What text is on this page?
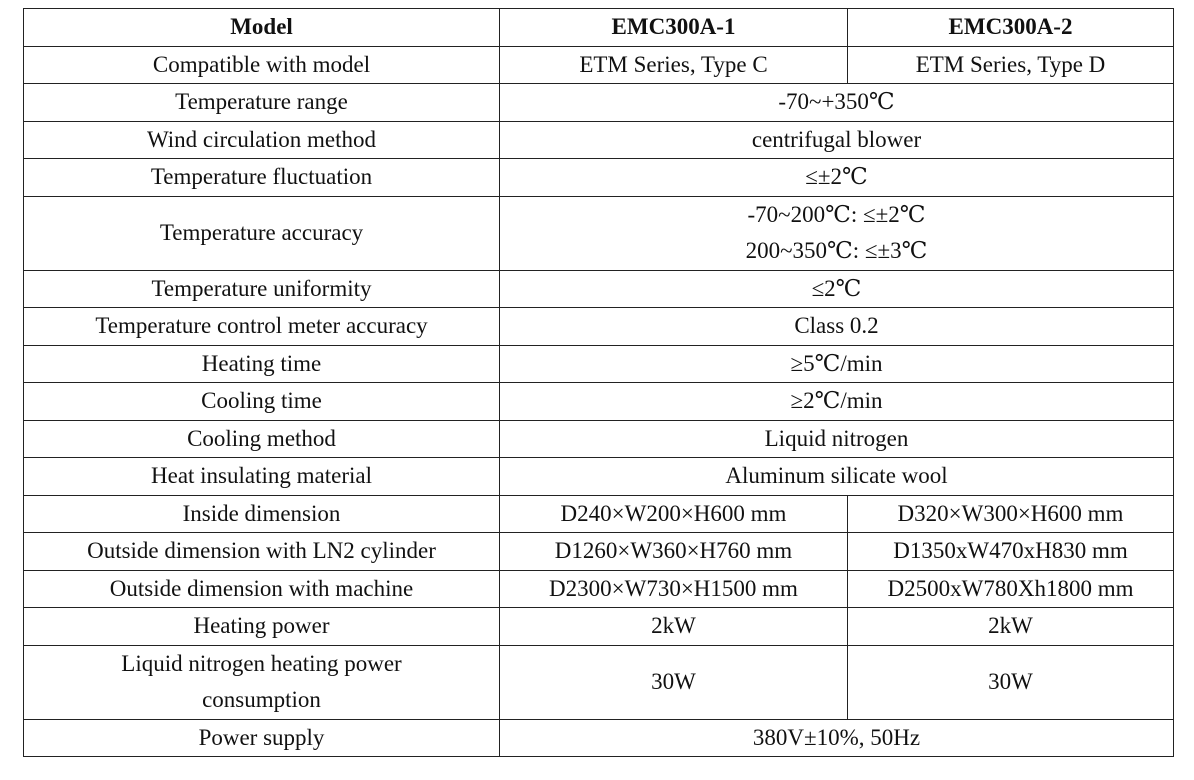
Model	EMC300A-1	EMC300A-2
Compatible with model	ETM Series, Type C	ETM Series, Type D
Temperature range	-70~+350℃	
Wind circulation method	centrifugal blower	
Temperature fluctuation	≤±2℃	
Temperature accuracy	-70~200℃: ≤±2℃
200~350℃: ≤±3℃	

Temperature uniformity	≤2℃	
Temperature control meter accuracy	Class 0.2	
Heating time	≥5℃/min	
Cooling time	≥2℃/min	
Cooling method	Liquid nitrogen	
Heat insulating material	Aluminum silicate wool	
Inside dimension	D240×W200×H600 mm	D320×W300×H600 mm
Outside dimension with LN2 cylinder	D1260×W360×H760 mm	D1350xW470xH830 mm
Outside dimension with machine	D2300×W730×H1500 mm	D2500xW780Xh1800 mm
Heating power	2kW	2kW
Liquid nitrogen heating power consumption	30W	30W
Power supply	380V±10%, 50Hz	
